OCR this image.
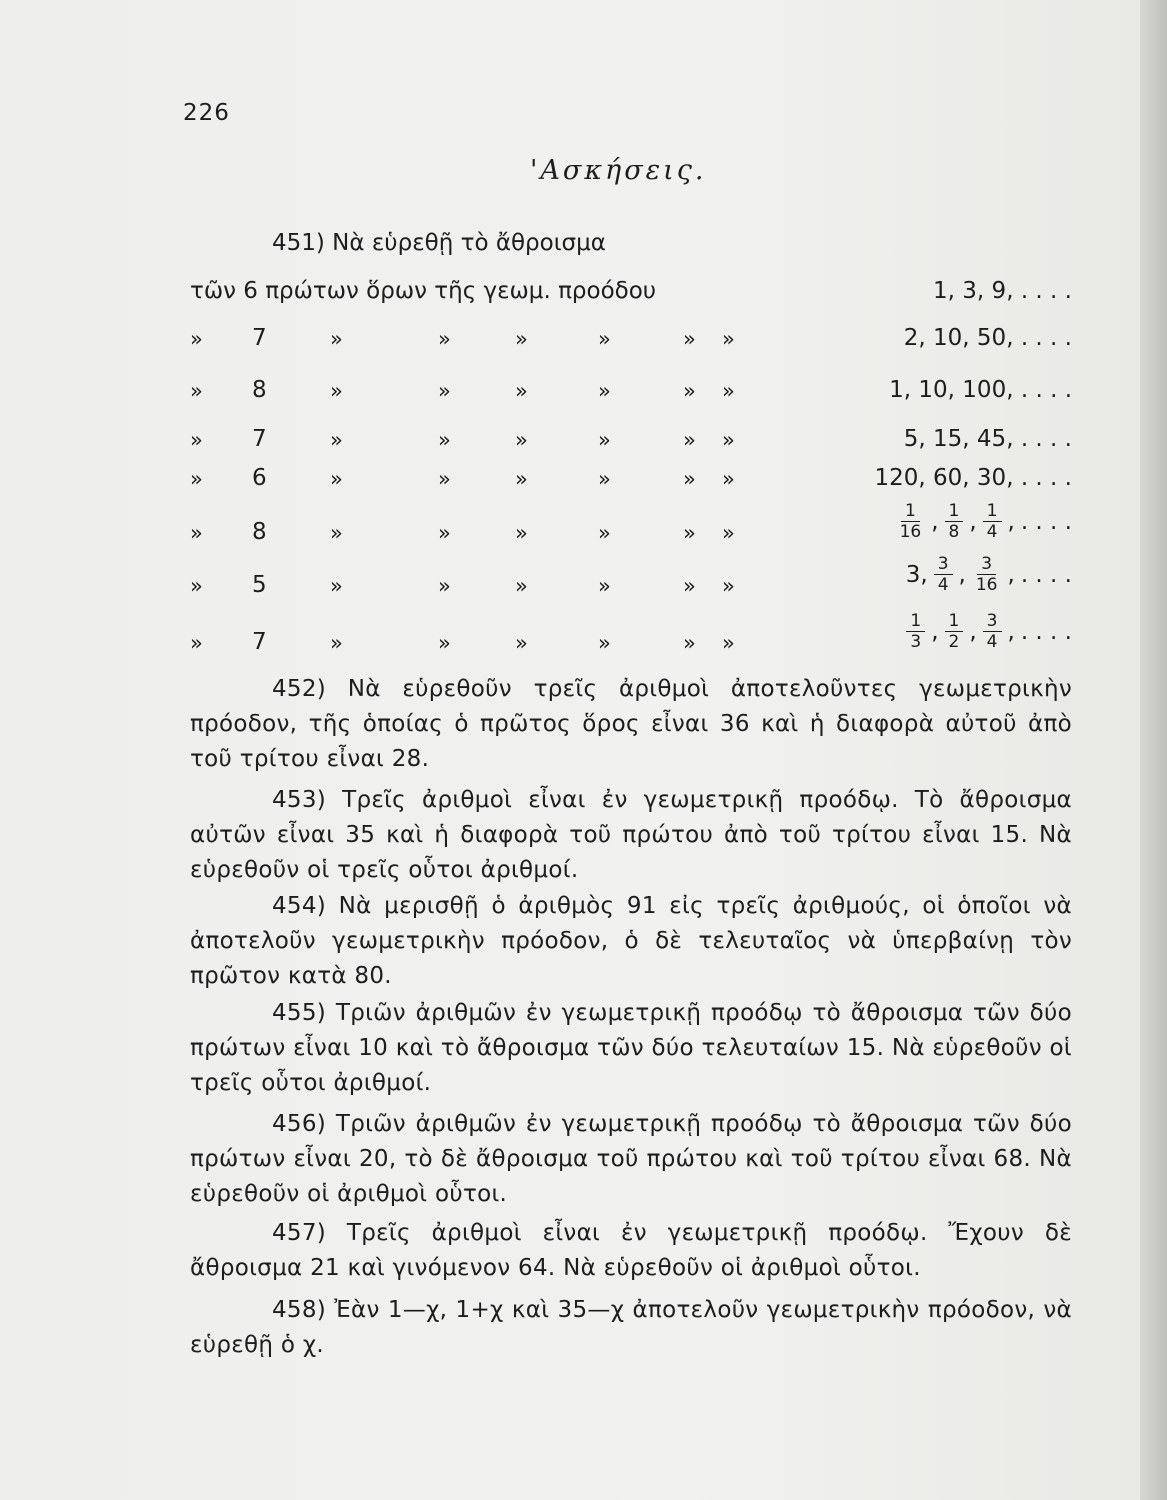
226
'Ασκήσεις.
451) Νὰ εὑρεθῇ τὸ ἄθροισμα
τῶν 6 πρώτων ὅρων τῆς γεωμ. προόδου	1, 3, 9, . . . .
» 7	»	»	»	»	» »	2, 10, 50, . . . .
» 8	»	»	»	»	» »	1, 10, 100, . . . .
» 7	»	»	»	»	» »	5, 15, 45, . . . .
» 6	»	»	»	»	» »	120, 60, 30, . . . .
» 8	»	»	»	»	» »	$\frac{1}{16}$ , $\frac{1}{8}$ , $\frac{1}{4}$ , . . . .
» 5	»	»	»	»	» »	3, $\frac{3}{4}$ , $\frac{3}{16}$ , . . . .
» 7	»	»	»	»	» »	$\frac{1}{3}$ , $\frac{1}{2}$ , $\frac{3}{4}$ , . . . .
452) Νὰ εὑρεθοῦν τρεῖς ἀριθμοὶ ἀποτελοῦντες γεωμετρικὴν πρόοδον, τῆς ὁποίας ὁ πρῶτος ὅρος εἶναι 36 καὶ ἡ διαφορὰ αὐτοῦ ἀπὸ τοῦ τρίτου εἶναι 28.
453) Τρεῖς ἀριθμοὶ εἶναι ἐν γεωμετρικῇ προόδῳ. Τὸ ἄθροισμα αὐτῶν εἶναι 35 καὶ ἡ διαφορὰ τοῦ πρώτου ἀπὸ τοῦ τρίτου εἶναι 15. Νὰ εὑρεθοῦν οἱ τρεῖς οὗτοι ἀριθμοί.
454) Νὰ μερισθῇ ὁ ἀριθμὸς 91 εἰς τρεῖς ἀριθμούς, οἱ ὁποῖοι νὰ ἀποτελοῦν γεωμετρικὴν πρόοδον, ὁ δὲ τελευταῖος νὰ ὑπερβαίνῃ τὸν πρῶτον κατὰ 80.
455) Τριῶν ἀριθμῶν ἐν γεωμετρικῇ προόδῳ τὸ ἄθροισμα τῶν δύο πρώτων εἶναι 10 καὶ τὸ ἄθροισμα τῶν δύο τελευταίων 15. Νὰ εὑρεθοῦν οἱ τρεῖς οὗτοι ἀριθμοί.
456) Τριῶν ἀριθμῶν ἐν γεωμετρικῇ προόδῳ τὸ ἄθροισμα τῶν δύο πρώτων εἶναι 20, τὸ δὲ ἄθροισμα τοῦ πρώτου καὶ τοῦ τρίτου εἶναι 68. Νὰ εὑρεθοῦν οἱ ἀριθμοὶ οὗτοι.
457) Τρεῖς ἀριθμοὶ εἶναι ἐν γεωμετρικῇ προόδῳ. Ἔχουν δὲ ἄθροισμα 21 καὶ γινόμενον 64. Νὰ εὑρεθοῦν οἱ ἀριθμοὶ οὗτοι.
458) Ἐὰν 1—χ, 1+χ καὶ 35—χ ἀποτελοῦν γεωμετρικὴν πρόοδον, νὰ εὑρεθῇ ὁ χ.
